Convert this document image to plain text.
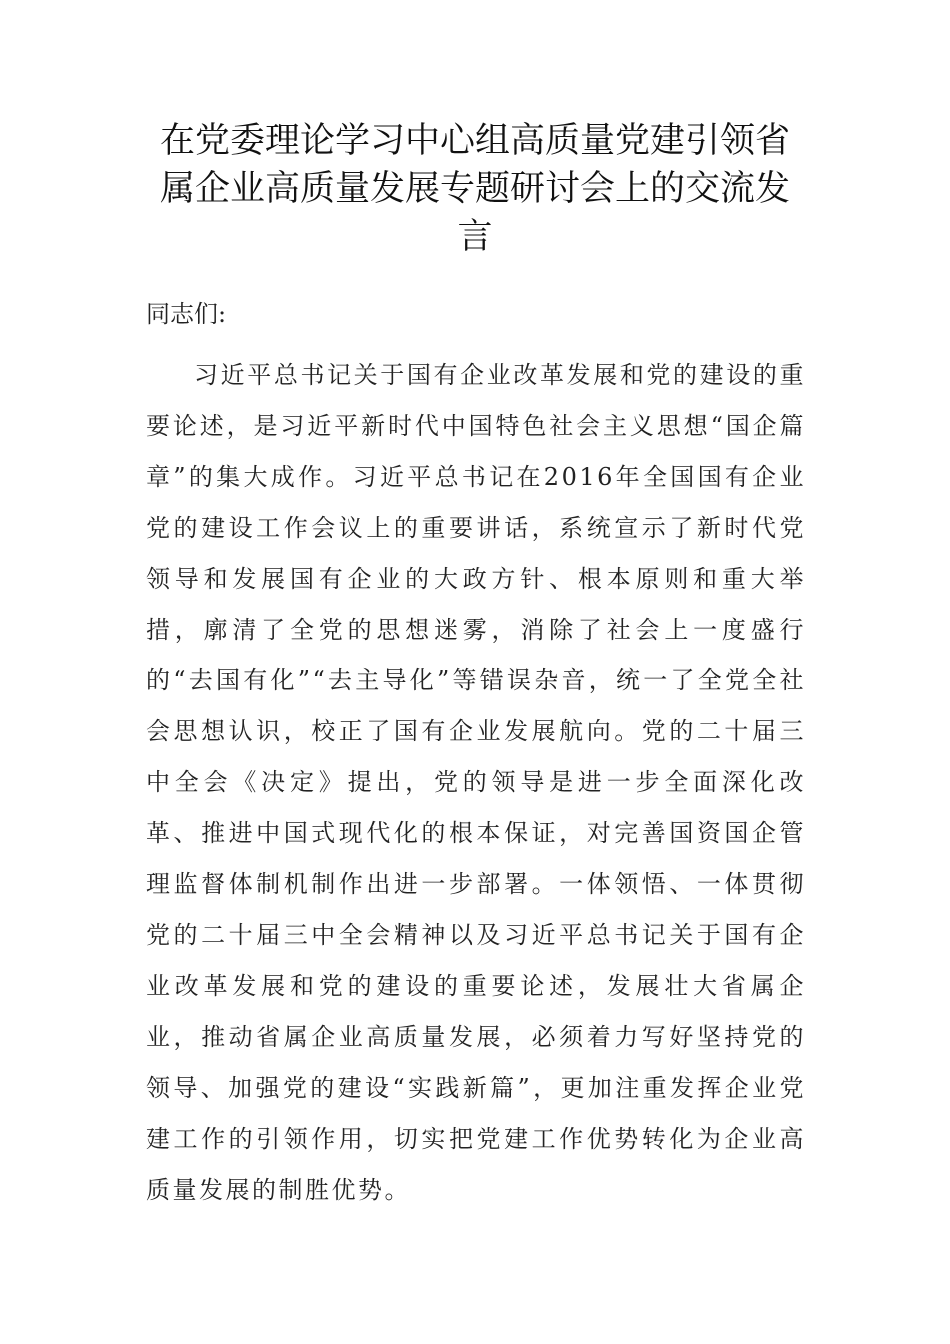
在党委理论学习中心组高质量党建引领省属企业高质量发展专题研讨会上的交流发言

同志们:

习近平总书记关于国有企业改革发展和党的建设的重要论述，是习近平新时代中国特色社会主义思想“国企篇章”的集大成作。习近平总书记在2016年全国国有企业党的建设工作会议上的重要讲话，系统宣示了新时代党领导和发展国有企业的大政方针、根本原则和重大举措，廓清了全党的思想迷雾，消除了社会上一度盛行的“去国有化”“去主导化”等错误杂音，统一了全党全社会思想认识，校正了国有企业发展航向。党的二十届三中全会《决定》提出，党的领导是进一步全面深化改革、推进中国式现代化的根本保证，对完善国资国企管理监督体制机制作出进一步部署。一体领悟、一体贯彻党的二十届三中全会精神以及习近平总书记关于国有企业改革发展和党的建设的重要论述，发展壮大省属企业，推动省属企业高质量发展，必须着力写好坚持党的领导、加强党的建设“实践新篇”，更加注重发挥企业党建工作的引领作用，切实把党建工作优势转化为企业高质量发展的制胜优势。
